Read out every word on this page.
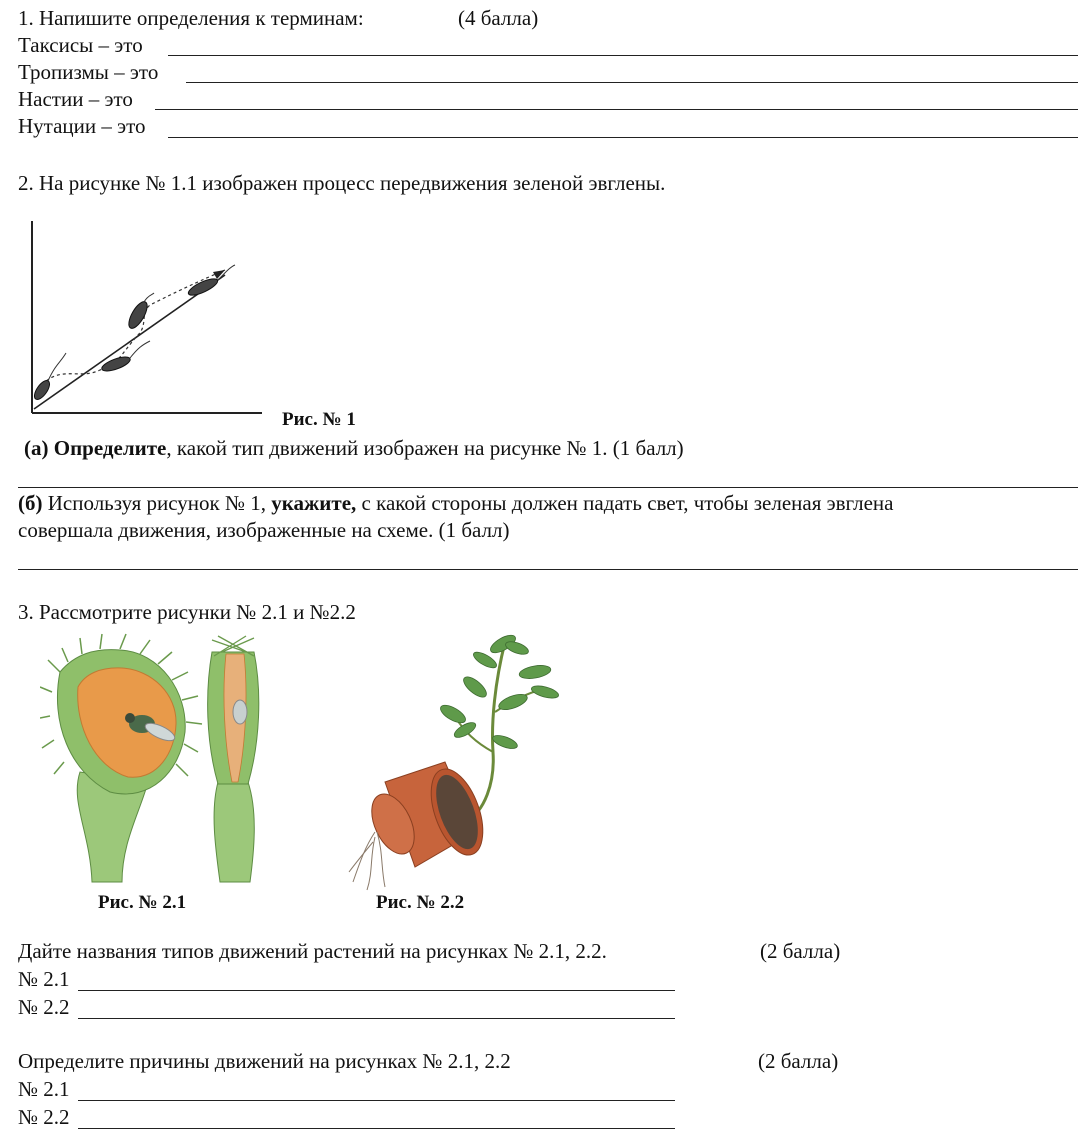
1. Напишите определения к терминам:	(4 балла)
Таксисы – это
Тропизмы – это
Настии – это
Нутации – это
2. На рисунке № 1.1 изображен процесс передвижения зеленой эвглены.
Рис. № 1
(а) Определите, какой тип движений изображен на рисунке № 1. (1 балл)
(б) Используя рисунок № 1, укажите, с какой стороны должен падать свет, чтобы зеленая эвглена
совершала движения, изображенные на схеме. (1 балл)
3. Рассмотрите рисунки № 2.1 и №2.2
Рис. № 2.1	Рис. № 2.2
Дайте названия типов движений растений на рисунках № 2.1, 2.2.	(2 балла)
№ 2.1
№ 2.2
Определите причины движений на рисунках № 2.1, 2.2	(2 балла)
№ 2.1
№ 2.2
